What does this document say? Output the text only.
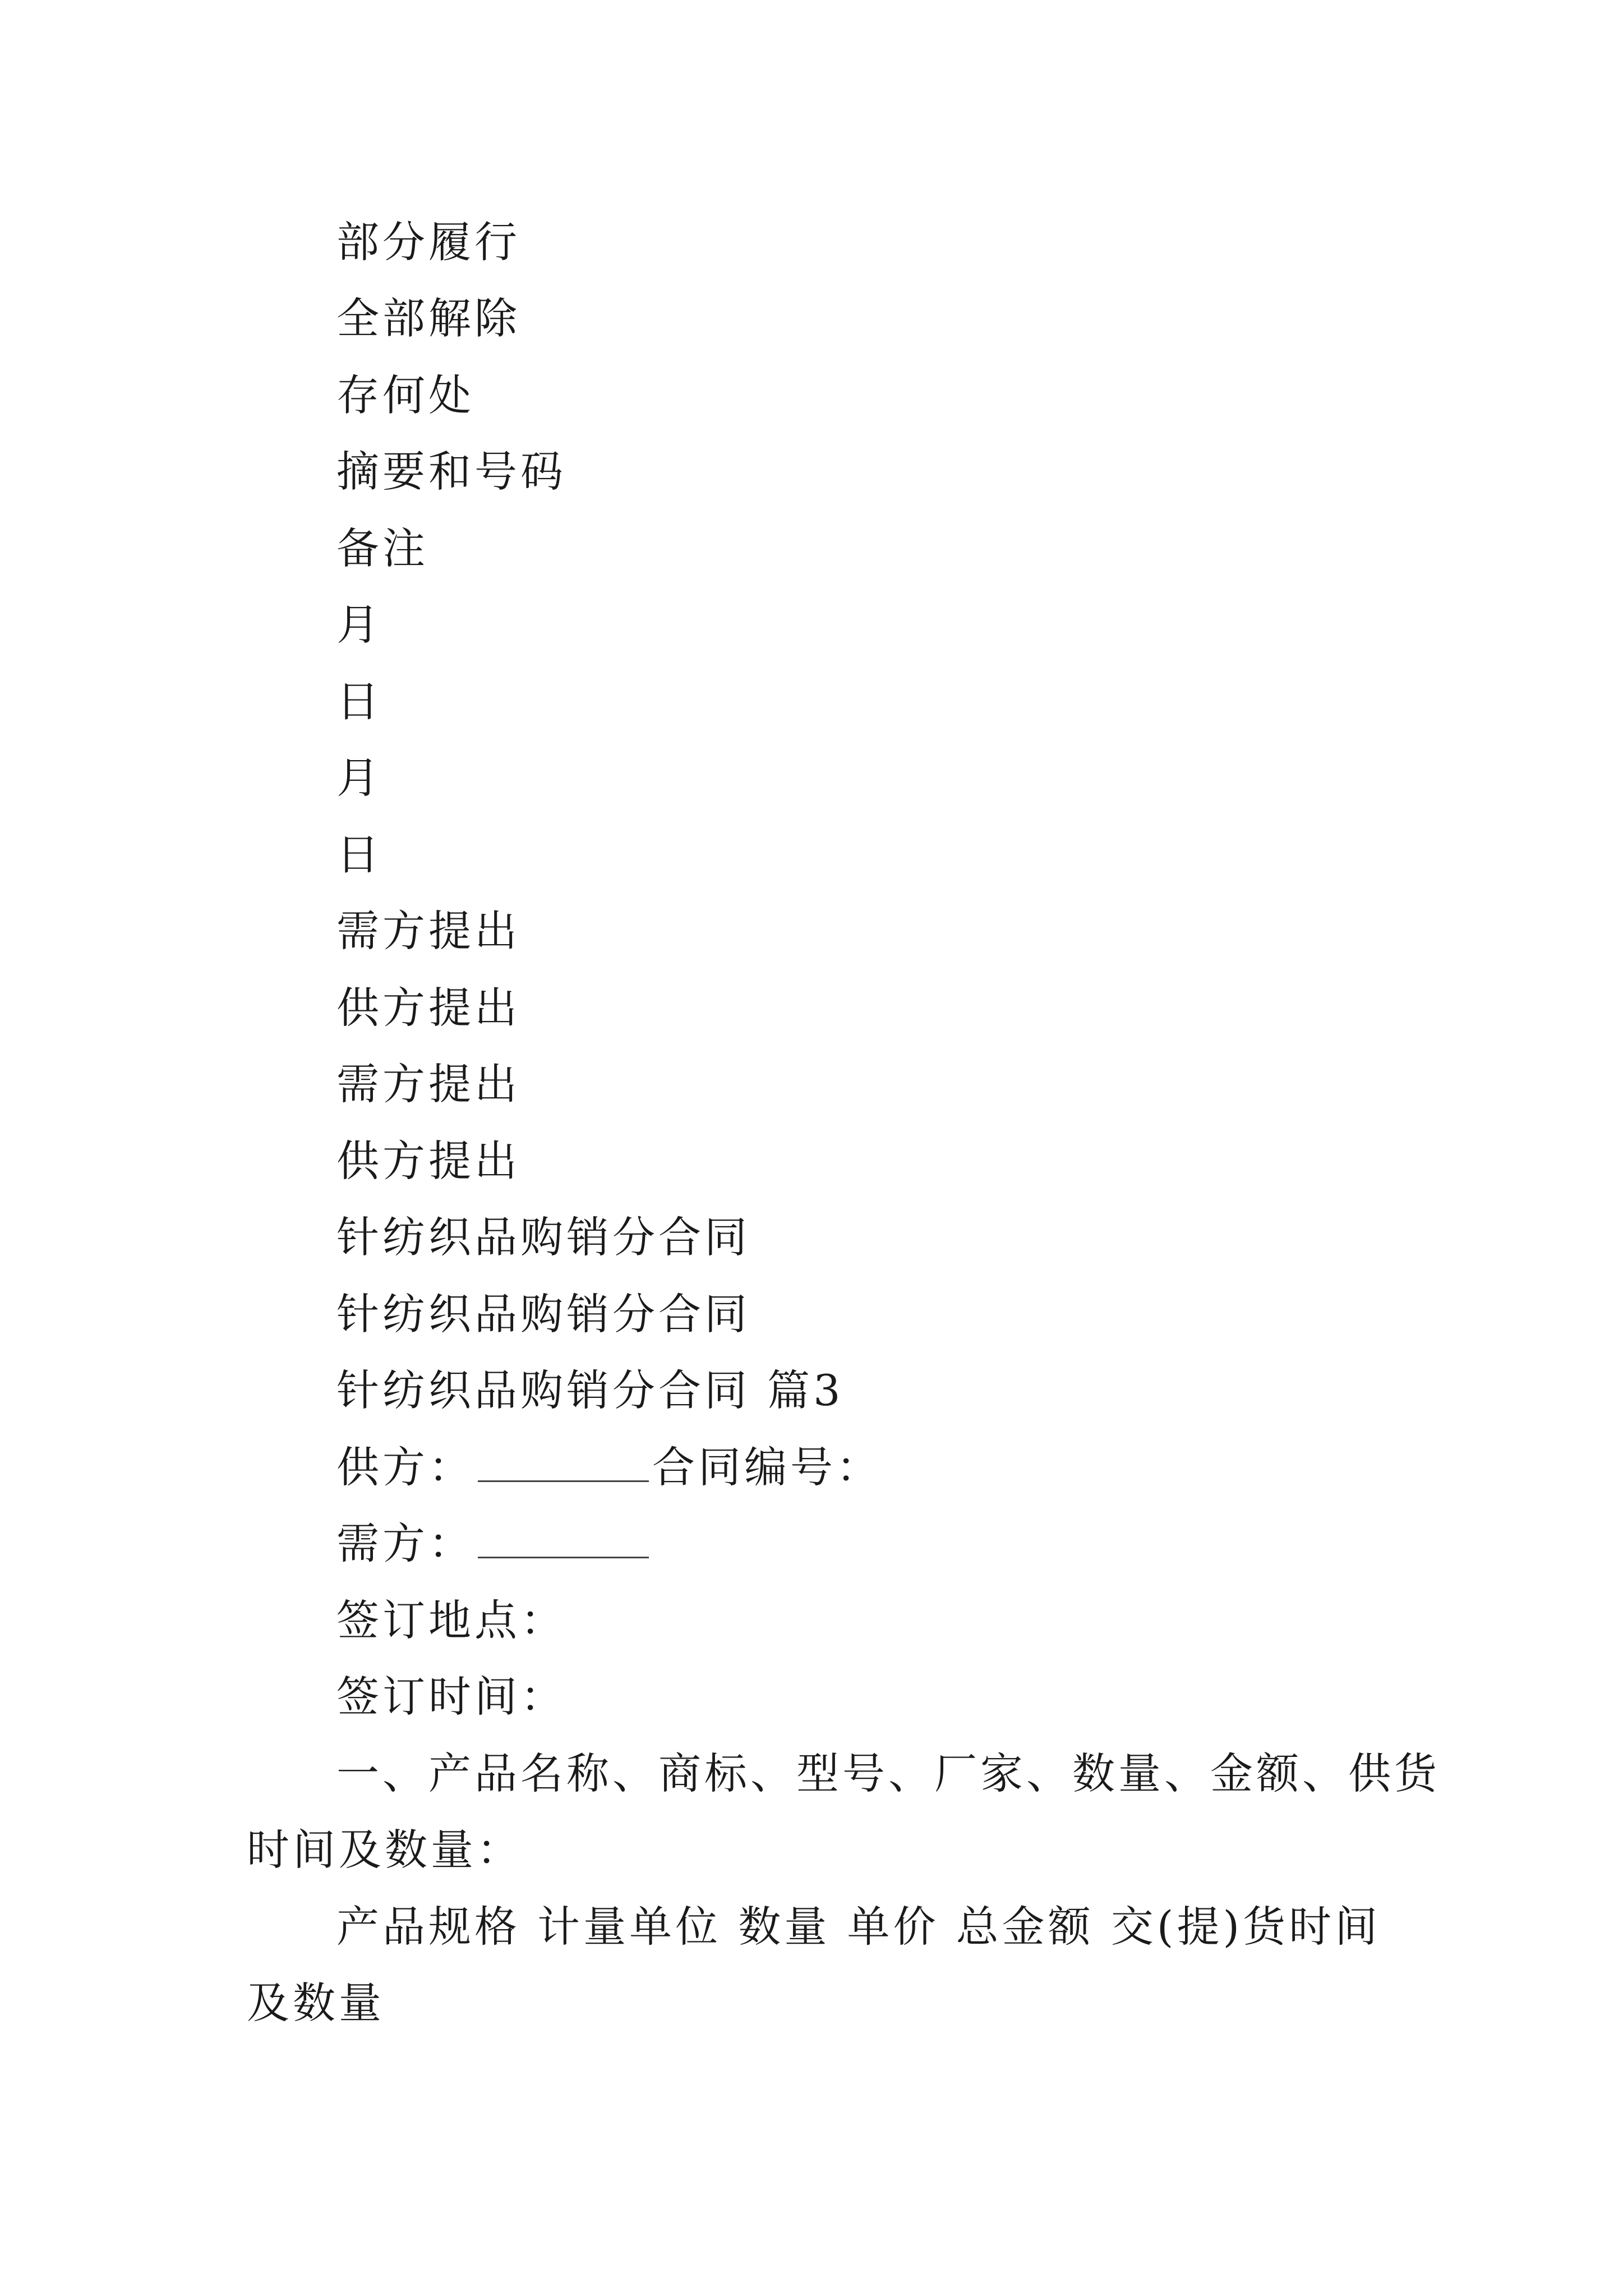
部分履行
全部解除
存何处
摘要和号码
备注
月
日
月
日
需方提出
供方提出
需方提出
供方提出
针纺织品购销分合同
针纺织品购销分合同
针纺织品购销分合同 篇3
供方：	合同编号：
需方：
签订地点：
签订时间：
一、产品名称、商标、型号、厂家、数量、金额、供货
时间及数量：
产品规格 计量单位 数量 单价 总金额 交(提)货时间
及数量
